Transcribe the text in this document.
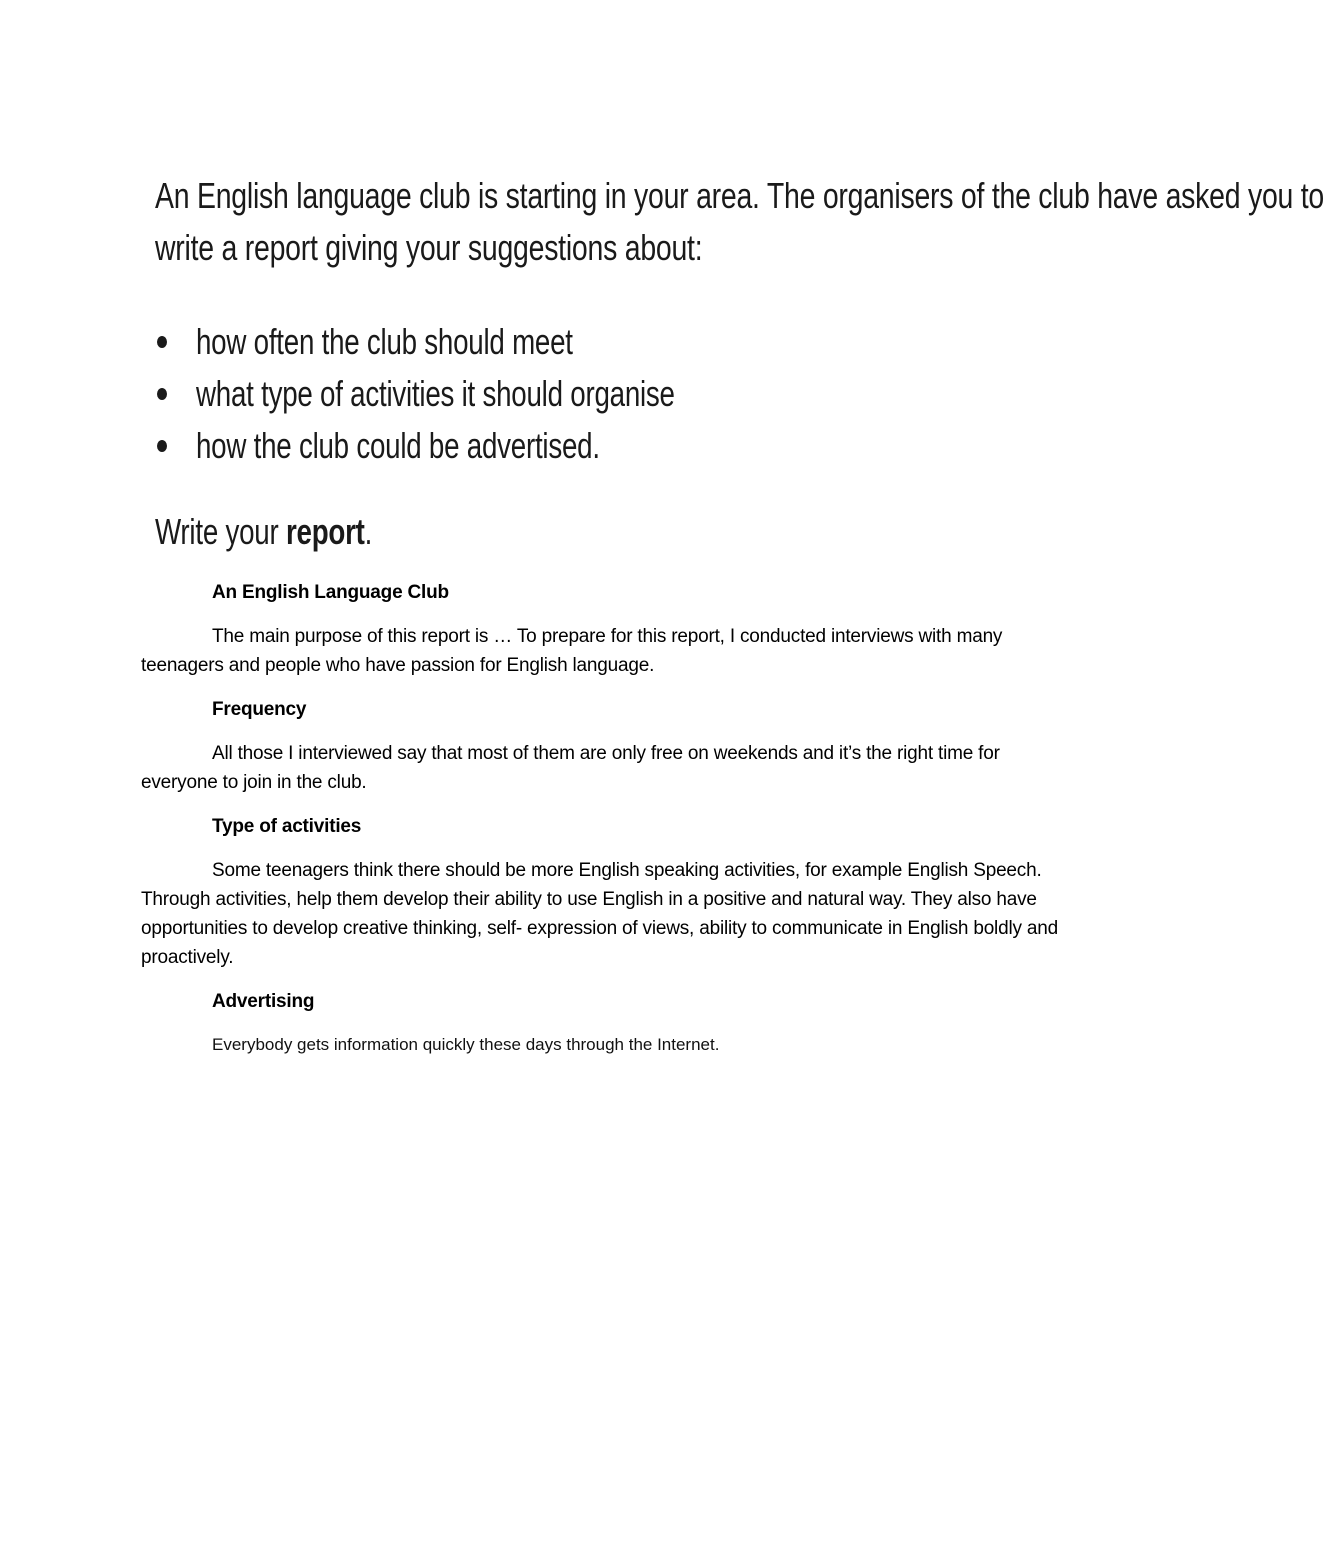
An English language club is starting in your area. The organisers of the club have asked you to
write a report giving your suggestions about:
how often the club should meet
what type of activities it should organise
how the club could be advertised.
Write your report.
An English Language Club

The main purpose of this report is … To prepare for this report, I conducted interviews with many teenagers and people who have passion for English language.

Frequency

All those I interviewed say that most of them are only free on weekends and it’s the right time for everyone to join in the club.

Type of activities

Some teenagers think there should be more English speaking activities, for example English Speech. Through activities, help them develop their ability to use English in a positive and natural way. They also have opportunities to develop creative thinking, self- expression of views, ability to communicate in English boldly and proactively.

Advertising
Everybody gets information quickly these days through the Internet.
